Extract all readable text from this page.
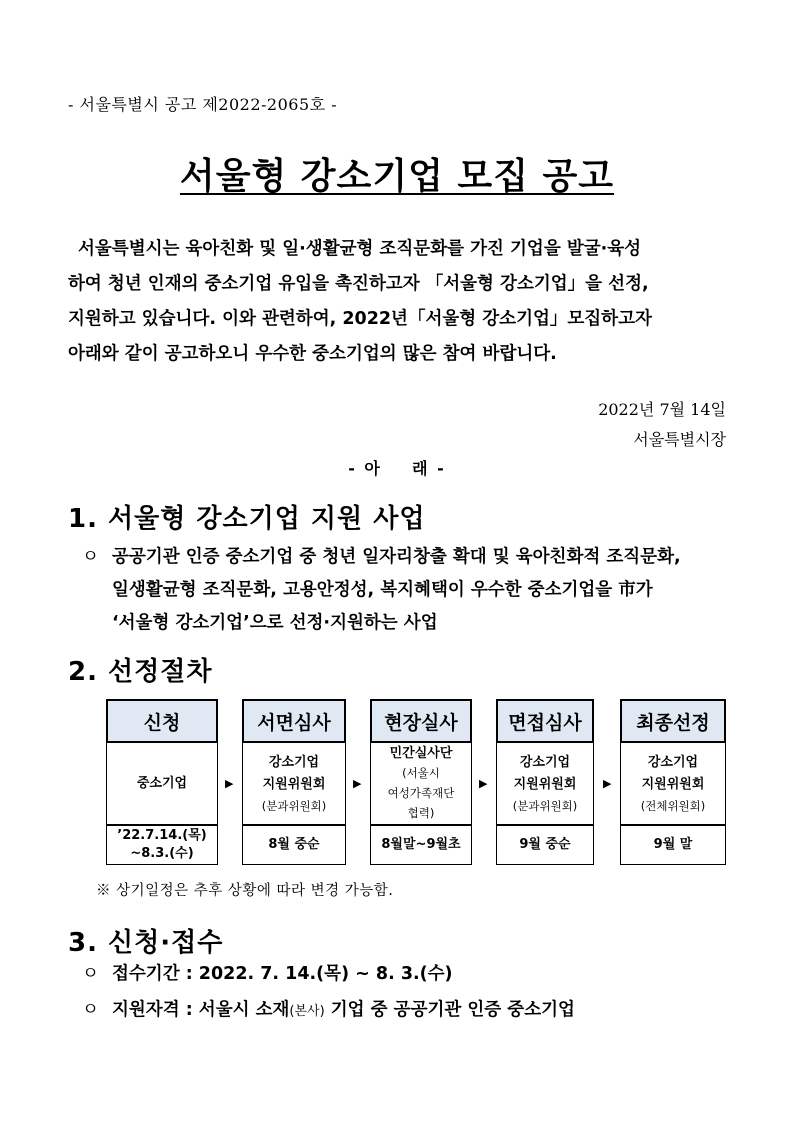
- 서울특별시 공고 제2022-2065호 -
서울형 강소기업 모집 공고

서울특별시는 육아친화 및 일·생활균형 조직문화를 가진 기업을 발굴·육성

하여 청년 인재의 중소기업 유입을 촉진하고자 「서울형 강소기업」을 선정,

지원하고 있습니다. 이와 관련하여, 2022년「서울형 강소기업」모집하고자

아래와 같이 공고하오니 우수한 중소기업의 많은 참여 바랍니다.

2022년 7월 14일
서울특별시장
- 아    래 -
1. 서울형 강소기업 지원 사업
ㅇ 공공기관 인증 중소기업 중 청년 일자리창출 확대 및 육아친화적 조직문화,
일생활균형 조직문화, 고용안정성, 복지혜택이 우수한 중소기업을 市가
‘서울형 강소기업’으로 선정·지원하는 사업
2. 선정절차
신청
중소기업
’22.7.14.(목)
~8.3.(수)
▶
서면심사
강소기업
지원위원회
(분과위원회)
8월 중순
▶
현장실사
민간실사단
(서울시
여성가족재단
협력)
8월말~9월초
▶
면접심사
강소기업
지원위원회
(분과위원회)
9월 중순
▶
최종선정
강소기업
지원위원회
(전체위원회)
9월 말
※ 상기일정은 추후 상황에 따라 변경 가능함.
3. 신청·접수
ㅇ 접수기간 : 2022. 7. 14.(목) ~ 8. 3.(수)
ㅇ 지원자격 : 서울시 소재(본사) 기업 중 공공기관 인증 중소기업
